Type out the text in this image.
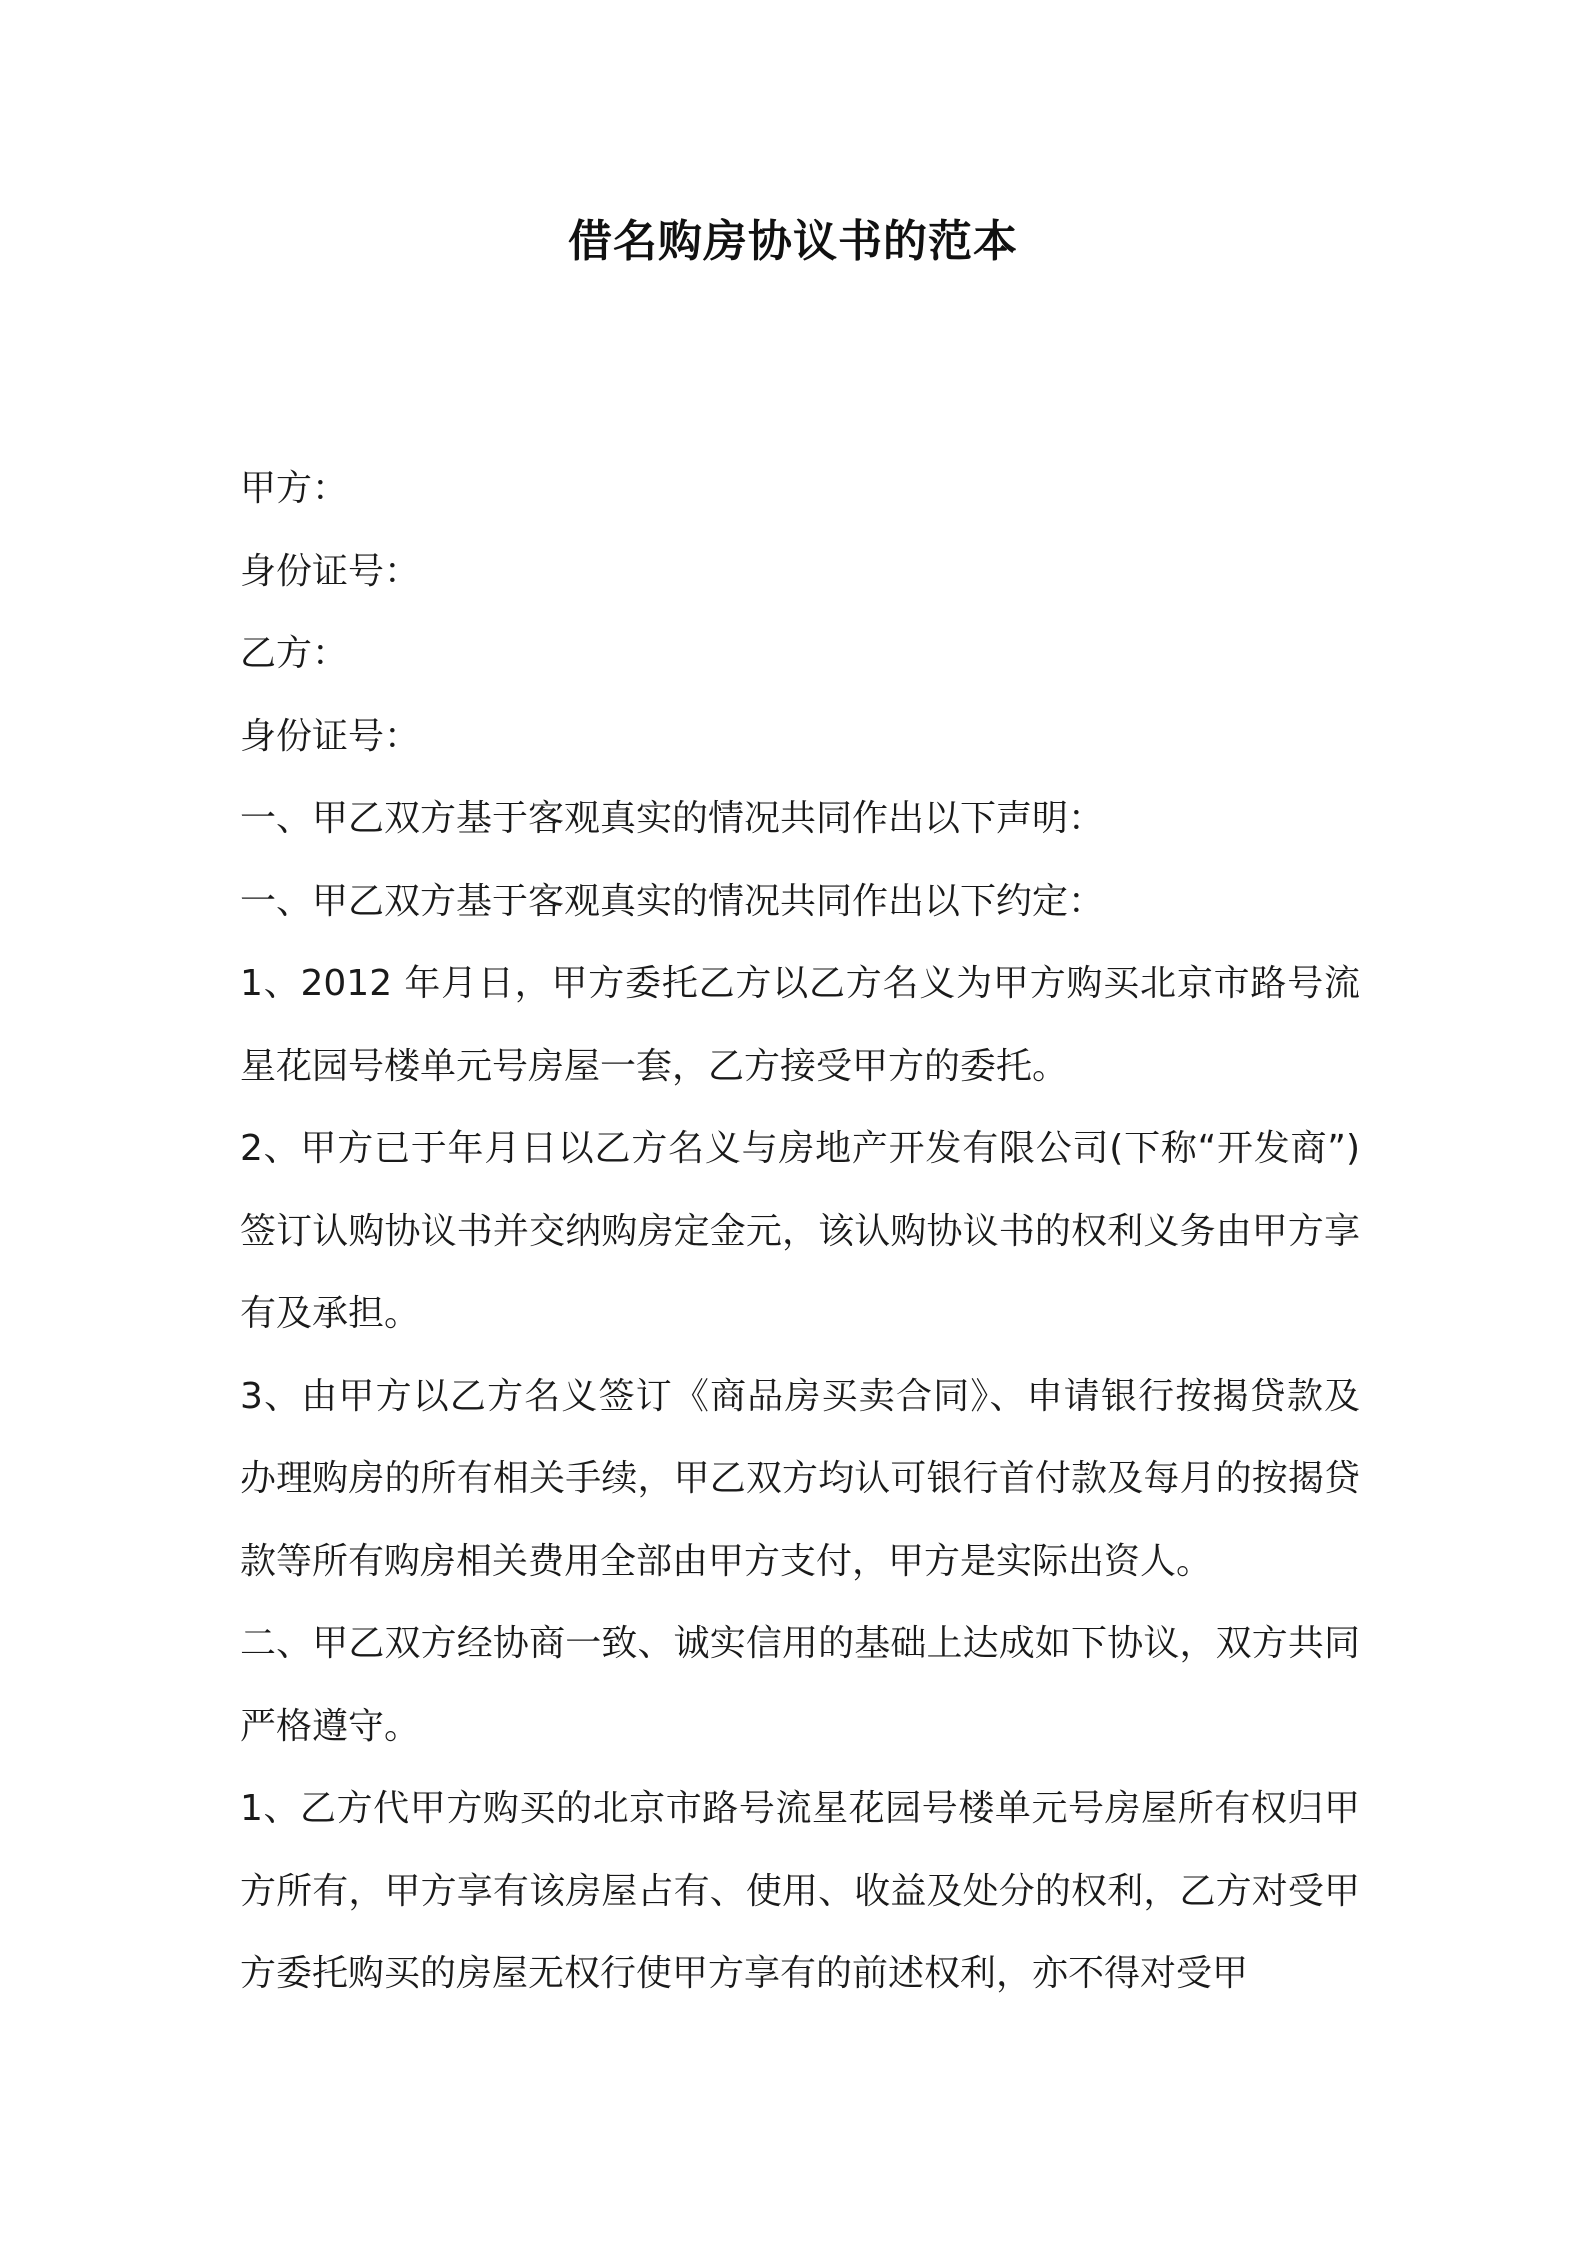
借名购房协议书的范本

甲方：

身份证号：

乙方：

身份证号：

一、甲乙双方基于客观真实的情况共同作出以下声明：

一、甲乙双方基于客观真实的情况共同作出以下约定：

1、2012 年月日，甲方委托乙方以乙方名义为甲方购买北京市路号流星花园号楼单元号房屋一套，乙方接受甲方的委托。

2、甲方已于年月日以乙方名义与房地产开发有限公司(下称“开发商”)签订认购协议书并交纳购房定金元，该认购协议书的权利义务由甲方享有及承担。

3、由甲方以乙方名义签订《商品房买卖合同》、申请银行按揭贷款及办理购房的所有相关手续，甲乙双方均认可银行首付款及每月的按揭贷款等所有购房相关费用全部由甲方支付，甲方是实际出资人。

二、甲乙双方经协商一致、诚实信用的基础上达成如下协议，双方共同严格遵守。

1、乙方代甲方购买的北京市路号流星花园号楼单元号房屋所有权归甲方所有，甲方享有该房屋占有、使用、收益及处分的权利，乙方对受甲方委托购买的房屋无权行使甲方享有的前述权利，亦不得对受甲
